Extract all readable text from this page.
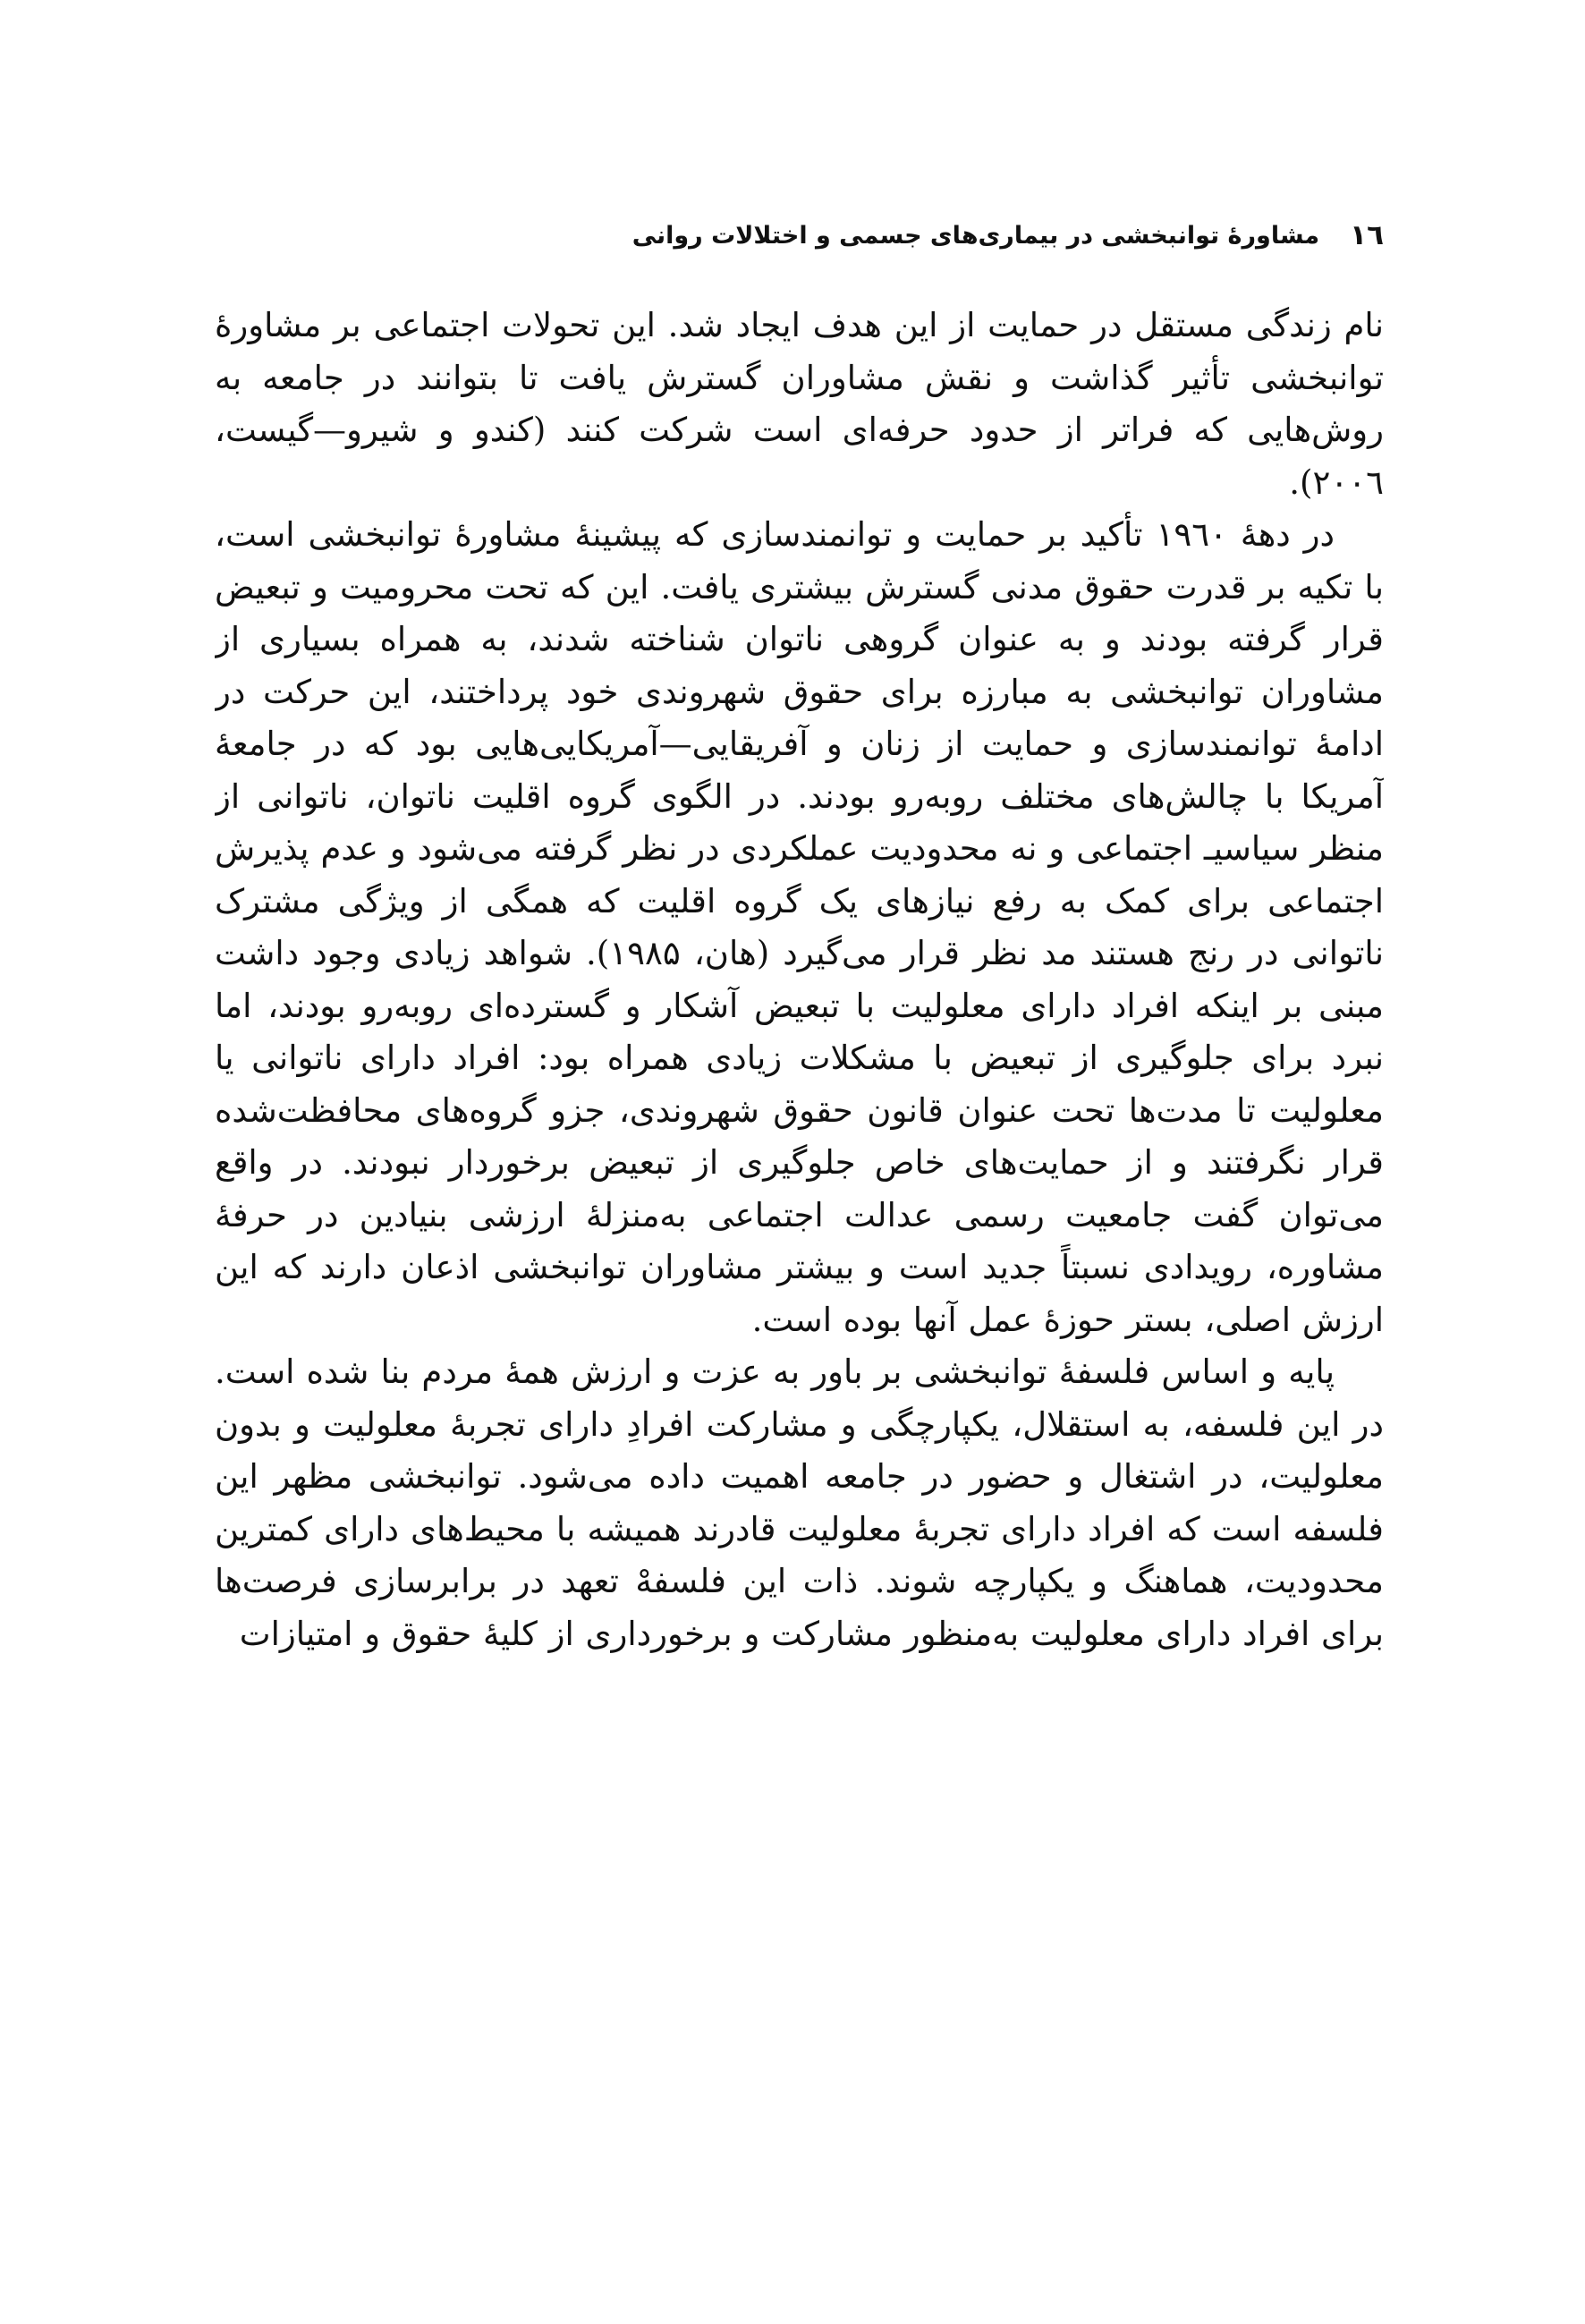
١٦
مشاورهٔ توانبخشی در بیماری‌های جسمی و اختلالات روانی

نام زندگی مستقل در حمایت از این هدف ایجاد شد. این تحولات اجتماعی بر مشاورهٔ توانبخشی تأثیر گذاشت و نقش مشاوران گسترش یافت تا بتوانند در جامعه به روش‌هایی که فراتر از حدود حرفه‌ای است شرکت کنند (کندو و شیرو—گیست، ۲۰۰٦).

در دههٔ ۱۹٦۰ تأکید بر حمایت و توانمندسازی که پیشینهٔ مشاورهٔ توانبخشی است، با تکیه بر قدرت حقوق مدنی گسترش بیشتری یافت. این که تحت محرومیت و تبعیض قرار گرفته بودند و به عنوان گروهی ناتوان شناخته شدند، به همراه بسیاری از مشاوران توانبخشی به مبارزه برای حقوق شهروندی خود پرداختند، این حرکت در ادامهٔ توانمندسازی و حمایت از زنان و آفریقایی—آمریکایی‌هایی بود که در جامعهٔ آمریکا با چالش‌های مختلف روبه‌رو بودند. در الگوی گروه اقلیت ناتوان، ناتوانی از منظر سیاسیـ اجتماعی و نه محدودیت عملکردی در نظر گرفته می‌شود و عدم پذیرش اجتماعی برای کمک به رفع نیازهای یک گروه اقلیت که همگی از ویژگی مشترک ناتوانی در رنج هستند مد نظر قرار می‌گیرد (هان، ۱۹۸۵). شواهد زیادی وجود داشت مبنی بر اینکه افراد دارای معلولیت با تبعیض آشکار و گسترده‌ای روبه‌رو بودند، اما نبرد برای جلوگیری از تبعیض با مشکلات زیادی همراه بود: افراد دارای ناتوانی یا معلولیت تا مدت‌ها تحت عنوان قانون حقوق شهروندی، جزو گروه‌های محافظت‌شده قرار نگرفتند و از حمایت‌های خاص جلوگیری از تبعیض برخوردار نبودند. در واقع می‌توان گفت جامعیت رسمی عدالت اجتماعی به‌منزلهٔ ارزشی بنیادین در حرفهٔ مشاوره، رویدادی نسبتاً جدید است و بیشتر مشاوران توانبخشی اذعان دارند که این ارزش اصلی، بستر حوزهٔ عمل آنها بوده است.

پایه و اساس فلسفهٔ توانبخشی بر باور به عزت و ارزش همهٔ مردم بنا شده است. در این فلسفه، به استقلال، یکپارچگی و مشارکت افرادِ دارای تجربهٔ معلولیت و بدون معلولیت، در اشتغال و حضور در جامعه اهمیت داده می‌شود. توانبخشی مظهر این فلسفه است که افراد دارای تجربهٔ معلولیت قادرند همیشه با محیط‌های دارای کمترین محدودیت، هماهنگ و یکپارچه شوند. ذات این فلسفهْ تعهد در برابرسازی فرصت‌ها برای افراد دارای معلولیت به‌منظور مشارکت و برخورداری از کلیهٔ حقوق و امتیازات
